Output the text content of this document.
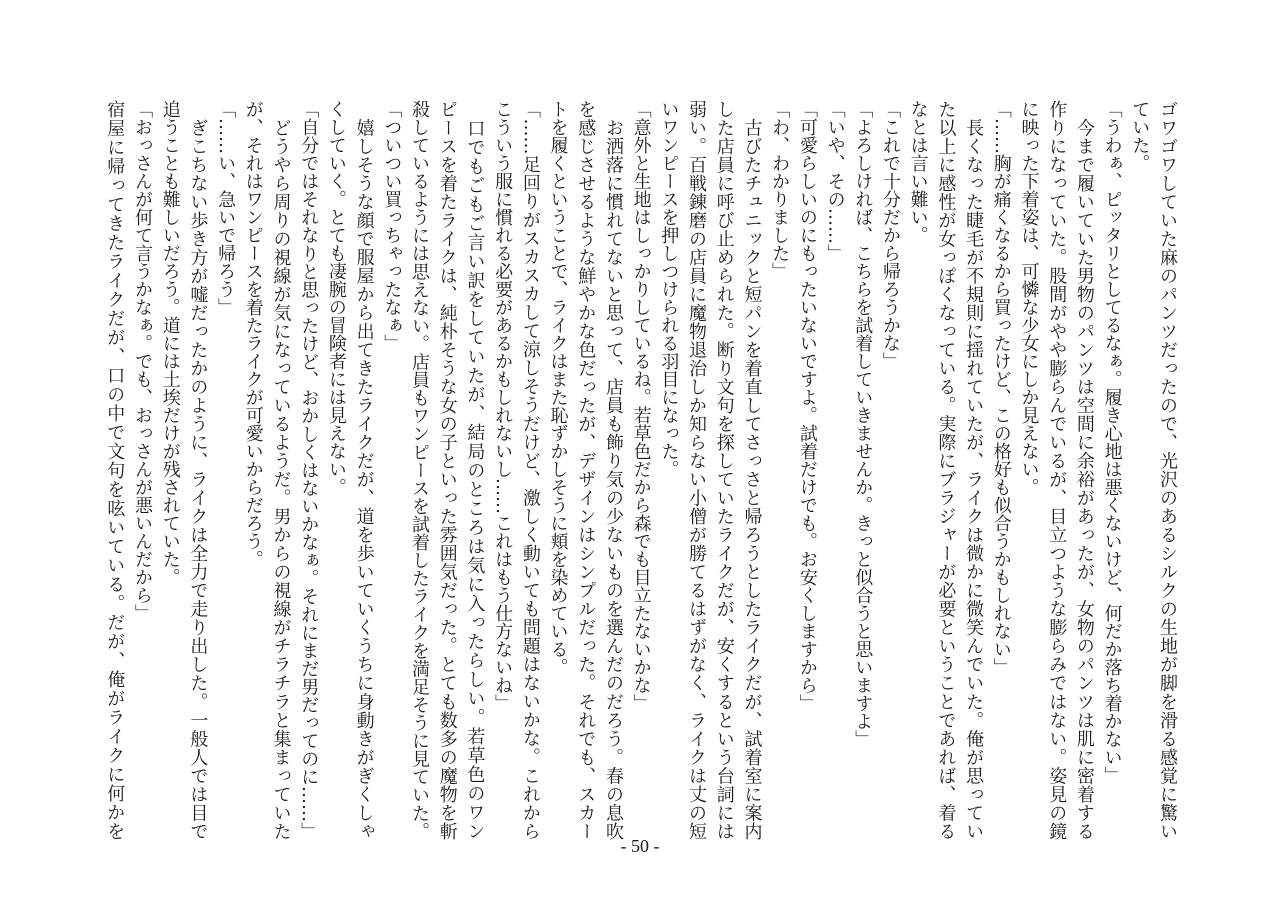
ゴワゴワしていた麻のパンツだったので、光沢のあるシルクの生地が脚を滑る感覚に驚い
ていた。
「うわぁ、ピッタリとしてるなぁ。履き心地は悪くないけど、何だか落ち着かない」
　今まで履いていた男物のパンツは空間に余裕があったが、女物のパンツは肌に密着する
作りになっていた。股間がやや膨らんでいるが、目立つような膨らみではない。姿見の鏡
に映った下着姿は、可憐な少女にしか見えない。
「……胸が痛くなるから買ったけど、この格好も似合うかもしれない」
　長くなった睫毛が不規則に揺れていたが、ライクは微かに微笑んでいた。俺が思ってい
た以上に感性が女っぽくなっている。実際にブラジャーが必要ということであれば、着る
なとは言い難い。
「これで十分だから帰ろうかな」
「よろしければ、こちらを試着していきませんか。きっと似合うと思いますよ」
「いや、その……」
「可愛らしいのにもったいないですよ。試着だけでも。お安くしますから」
「わ、わかりました」
　古びたチュニックと短パンを着直してさっさと帰ろうとしたライクだが、試着室に案内
した店員に呼び止められた。断り文句を探していたライクだが、安くするという台詞には
弱い。百戦錬磨の店員に魔物退治しか知らない小僧が勝てるはずがなく、ライクは丈の短
いワンピースを押しつけられる羽目になった。
「意外と生地はしっかりしているね。若草色だから森でも目立たないかな」
　お洒落に慣れてないと思って、店員も飾り気の少ないものを選んだのだろう。春の息吹
を感じさせるような鮮やかな色だったが、デザインはシンプルだった。それでも、スカー
トを履くということで、ライクはまた恥ずかしそうに頬を染めている。
「……足回りがスカスカして涼しそうだけど、激しく動いても問題はないかな。これから
こういう服に慣れる必要があるかもしれないし……これはもう仕方ないね」
　口でもごもご言い訳をしていたが、結局のところは気に入ったらしい。若草色のワン
ピースを着たライクは、純朴そうな女の子といった雰囲気だった。とても数多の魔物を斬
殺しているようには思えない。店員もワンピースを試着したライクを満足そうに見ていた。
「ついつい買っちゃったなぁ」
　嬉しそうな顔で服屋から出てきたライクだが、道を歩いていくうちに身動きがぎくしゃ
くしていく。とても凄腕の冒険者には見えない。
「自分ではそれなりと思ったけど、おかしくはないかなぁ。それにまだ男だってのに……」
　どうやら周りの視線が気になっているようだ。男からの視線がチラチラと集まっていた
が、それはワンピースを着たライクが可愛いからだろう。
「……い、急いで帰ろう」
　ぎこちない歩き方が嘘だったかのように、ライクは全力で走り出した。一般人では目で
追うことも難しいだろう。道には土埃だけが残されていた。
「おっさんが何て言うかなぁ。でも、おっさんが悪いんだから」
宿屋に帰ってきたライクだが、口の中で文句を呟いている。だが、俺がライクに何かを
- 50 -
